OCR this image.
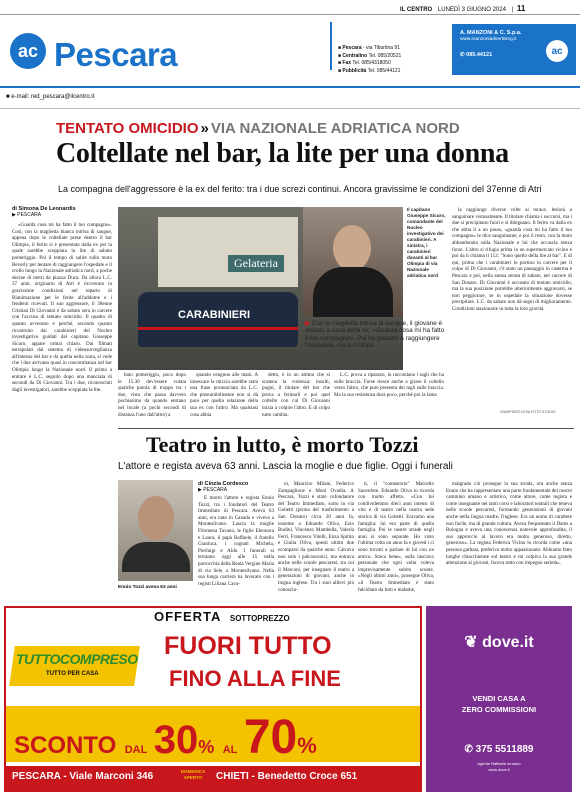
IL CENTRO LUNEDÌ 3 GIUGNO 2024 | 11
ac Pescara	■ Pescara - via Tiburtina 91
■ Centralino Tel. 085/20521
■ Fax Tel. 085/4318050
■ Pubblicità Tel. 085/44121
A. MANZONI & C. S.p.a.
www.manzoniadvertising.it
✆ 085.44121	ac
■ e-mail: red_pescara@ilcentro.it
TENTATO OMICIDIO » VIA NAZIONALE ADRIATICA NORD
Coltellate nel bar, la lite per una donna
La compagna dell'aggressore è la ex del ferito: tra i due screzi continui. Ancora gravissime le condizioni del 37enne di Atri
di Simona De Leonardis
▶ PESCARA

«Guarda cosa mi ha fatto il tuo compagno». Così, con la maglietta bianca intrisa di sangue, appena dopo le coltellate prese dentro il bar Olimpia, il ferito si è presentato dalla ex per la quale sarebbe scoppiata la lite di sabato pomeriggio. Poi il tempo di salire sulla moto Beverly per tentare di raggiungere l'ospedale e il crollo lungo la Nazionale adriatica nord, a poche decine di metri da piazza Duca. Da allora L.C. 37 anni, originario di Atri è ricoverato in gravissime condizioni nel reparto di Rianimazione per le ferite all'addome e i fendenti ricevuti. Il suo aggressore, il 38enne Cristian Di Giovanni è da sabato sera in carcere con l'accusa di tentato omicidio. Il quadro di quanto avvenuto e perché, secondo quanto ricostruito dai carabinieri del Nucleo investigativo guidati dal capitano Giuseppe Sicuro, appare ormai chiaro. Dai filmati estrapolati dal sistema di videosorveglianza all'interno del bar e da quella nella zona, si vede che i due arrivano quasi in concomitanza nel bar Olimpia lungo la Nazionale nord. Il primo a entrare è L.C. seguito dopo una manciata di secondi da Di Giovanni. Tra i due, riconosciuti dagli investigatori, sarebbe scoppiata la lite.

Gelateria
CARABINIERI
Il capitano Giuseppe Sicuro, comandante del Nucleo investigativo dei carabinieri. A sinistra, i carabinieri davanti al bar Olimpia di via Nazionale adriatica nord
▶ Con la maglietta intrisa di sangue, il giovane è andato a casa della ex: «Guarda cosa mi ha fatto il tuo compagno». Poi ha provato a raggiungere l'ospedale, ma è crollato

bato pomeriggio, poco dopo le 15.30 dev'essere volata qualche parola di troppo tra i due, visto che passa davvero pochissimo da quando entrano nel locale (a pochi secondi di distanza l'uno dall'altro) a

quando vengono alle mani. A innescare la miccia sarebbe stata una frase pronunciata da L.C. che presumibilmente non si dà pace per quella relazione della sua ex con l'altro. Ma qualsiasi cosa abbia

detto, è in un attimo che si scatena la violenza: insulti, pugni, il titolare del bar che prova a fermarli e poi quel coltello con cui Di Giovanni inizia a colpire l'altro. E di colpo tutto cambia.

L.C. prova a ripararsi, lo raccontano i tagli che ha sulle braccia. Forse riesce anche a girare il coltello verso l'altro, che pure presenta dei tagli sulle braccia. Ma la sua resistenza dura poco, perché poi la lama

la raggiunge diverse volte al torace, lesioni a sanguinare vistosamente. Il titolare chiama i soccorsi, ma i due si precipitano fuori e si dileguano. Il ferito va dalla ex che abita lì a un passo, «guarda cosa mi ha fatto il tuo compagno» le dice sanguinante, e poi il resto, con la moto abbandonata sulla Nazionale e lui che accascia senza forze. L'altro si rifugia prima in un supermercato vicino e poi da lì chiama il 112: "Sono quello della lite al bar". E di qui, prima che i carabinieri lo portino in carcere per il colpo di Di Giovanni, c'è stato un passaggio in caserma e Pescara e poi, nella stessa serata di sabato, nel carcere di San Donato. Di Giovanni è accusato di tentato omicidio, ma la sua posizione potrebbe ulteriormente aggravarsi, se non peggiorare, se in ospedale la situazione dovesse precipitare. L.C. da sabato non dà segni di miglioramento. Condizioni stazionarie in tutta la loro gravità.

GIAMPIERO LEVA FOTO STUDIO
Teatro in lutto, è morto Tozzi
L'attore e regista aveva 63 anni. Lascia la moglie e due figlie. Oggi i funerali
Ennio Tozzi aveva 63 anni
di Cinzia Cordesco
▶ PESCARA

È morto l'attore e regista Ennio Tozzi, tra i fondatori del Teatro Immediato di Pescara. Aveva 63 anni, era nato in Canada e viveva a Montesilvano. Lascia la moglie Filomena Tavano, le figlie Eleonora e Laura, il papà Raffaele, il fratello Gianluca, i cognati Michela, Pierluigi e Aldo. I funerali si terranno oggi alle 15 nella parrocchia della Beata Vergine Maria di via Sele, a Montesilvano. Nella sua lunga carriera ha lavorato con i registi Liliana Cava-

ni, Maurizio Milani, Federico Zampaglione e Moni Ovadia. A Pescara, Tozzi è stato cofondatore del Teatro Immediato, sorto in via Gobetti (prima del trasferimento a San Donato) circa 20 anni fa, insieme a Edoardo Oliva, Ezio Budini, Vincenzo Mambella, Valeria Ferri, Francesco Vitelli, Enza Spitito e Giulia Oliva, questi ultimi due scomparsi da qualche anno. Calcava non solo i palcoscenici, ma entrava anche nelle scuole pescaresi, tra cui il Marconi, per insegnare il teatro a generazioni di giovani, anche in lingua inglese. Tra i suoi allievi più conosciu-

ti, il "contastorie" Marcello Sacerdote. Edoardo Oliva lo ricorda con molto affetto. «Con lui condividemmo dieci anni intensi di vita e di teatro nella nostra sede storica di via Gobetti. Eravamo una famiglia: lui era parte di quella famiglia. Poi le nostre strade negli anni si sono separate. Ho visto l'ultima volta un anno fa e gioved ì ci sono trovati a parlare di lui con un amico. Stava bene», sulla lasciavo personale che ogni volta voleva imprevisamente subito scuote. «Negli ultimi anni», prosegue Oliva, «il Teatro Immediato è stato falcidiato da lutti e malattie,

malgrado ciò prosegue la sua strada, ora anche senza Ennio che ha rappresentato una parte fondamentale del nostro cammino umano e artistico, come attore, come regista e come insegnante nei tanti corsi e laboratori teatrali che teneva nelle scuole pescaresi, formando generazioni di giovani anche nella lingua madre, l'inglese. Era un uomo di carattere non facile, ma di grande cultura. Aveva frequentato il Dams a Bologna e aveva una conoscenza notevole approfondita, il suo approccio al lavoro era molto generoso, diretto, generoso». La regista Federica Vicino lo ricorda come «una persona garbata, preferiva molto appassionato. Abbiamo fatto lunghe chiacchierate sul teatro e mi colpiva la sua grande attenzione ai giovani, faceva tutto con impegno serietà».

OFFERTA SOTTOPREZZO
TUTTOCOMPRESO
TUTTO PER CASA
FUORI TUTTO
FINO ALLA FINE
SCONTO DAL 30% AL 70%
PESCARA - Viale Marconi 346	DOMENICA APERTO	CHIETI - Benedetto Croce 651
❦ dove.it
VENDI CASA A
ZERO COMMISSIONI
✆ 375 5511889
Agente Raffaele Iurnano
www.dove.it
